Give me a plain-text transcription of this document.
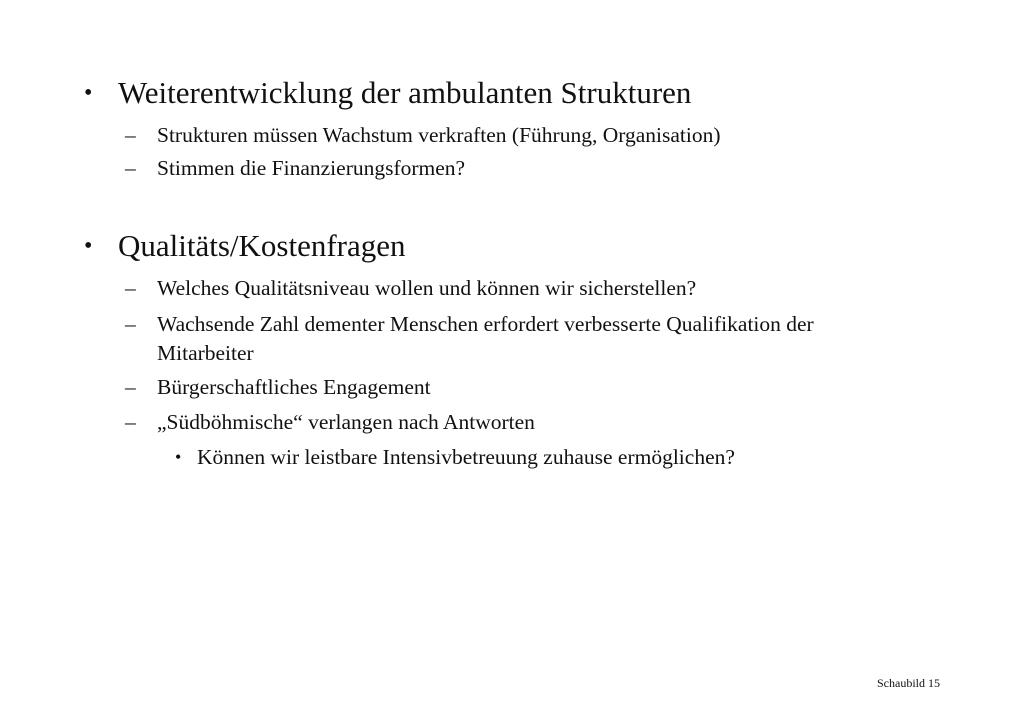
• Weiterentwicklung der ambulanten Strukturen
– Strukturen müssen Wachstum verkraften (Führung, Organisation)
– Stimmen die Finanzierungsformen?
• Qualitäts/Kostenfragen
– Welches Qualitätsniveau wollen und können wir sicherstellen?
– Wachsende Zahl dementer Menschen erfordert verbesserte Qualifikation der
Mitarbeiter
– Bürgerschaftliches Engagement
– „Südböhmische“ verlangen nach Antworten
• Können wir leistbare Intensivbetreuung zuhause ermöglichen?
Schaubild 15
